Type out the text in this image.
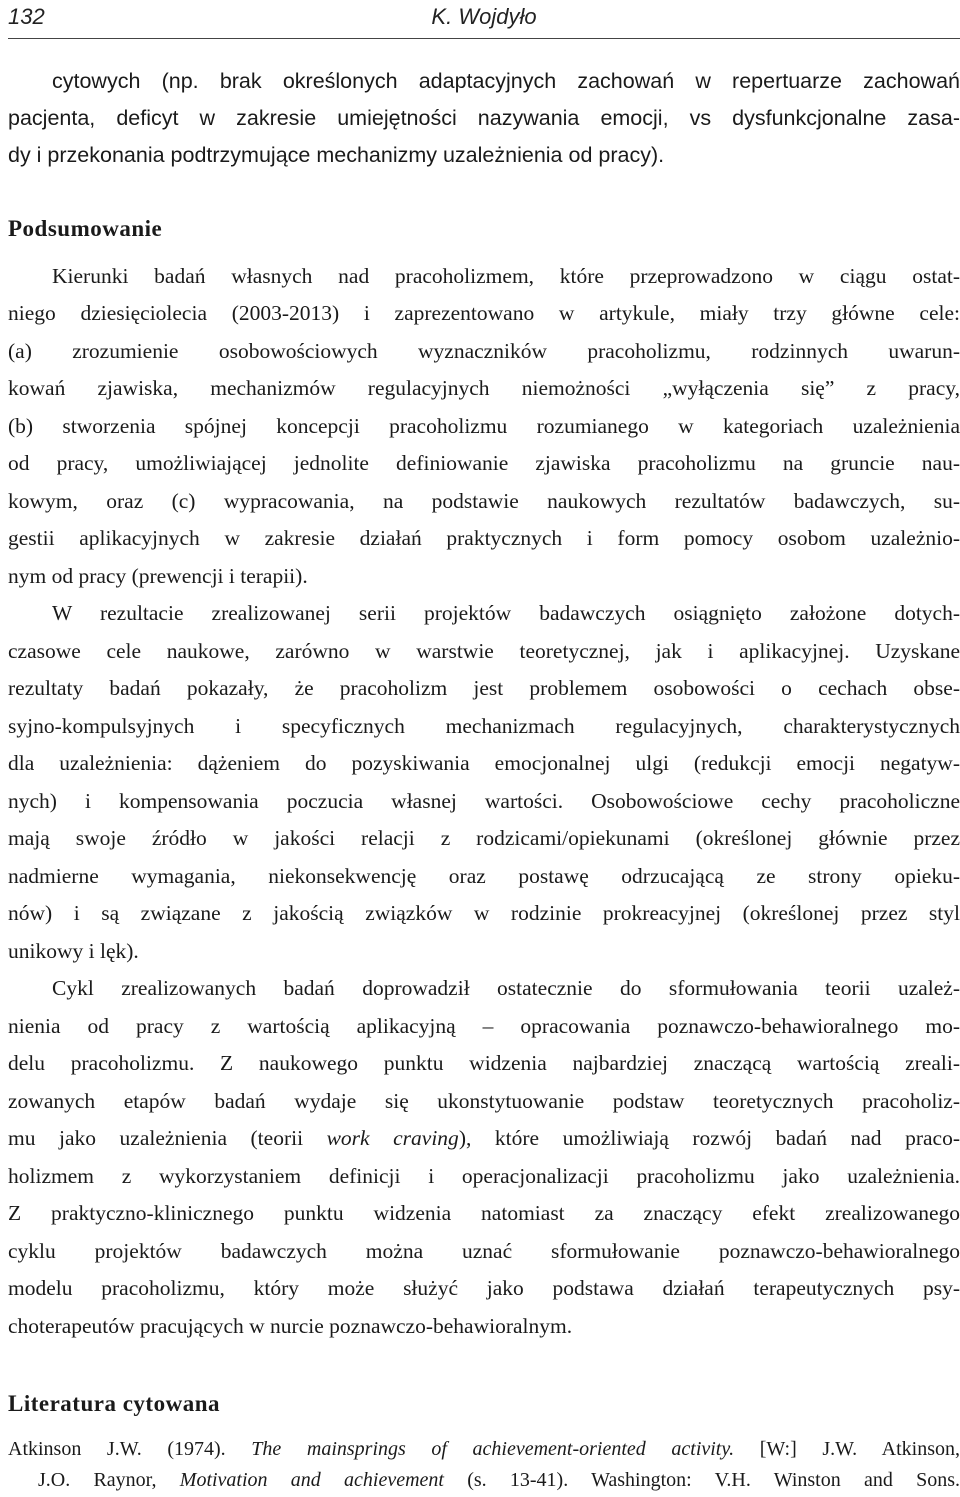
132	K. Wojdyło
cytowych (np. brak określonych adaptacyjnych zachowań w repertuarze zachowań
pacjenta, deficyt w zakresie umiejętności nazywania emocji, vs dysfunkcjonalne zasa-
dy i przekonania podtrzymujące mechanizmy uzależnienia od pracy).
Podsumowanie
Kierunki badań własnych nad pracoholizmem, które przeprowadzono w ciągu ostat-
niego dziesięciolecia (2003-2013) i zaprezentowano w artykule, miały trzy główne cele:
(a) zrozumienie osobowościowych wyznaczników pracoholizmu, rodzinnych uwarun-
kowań zjawiska, mechanizmów regulacyjnych niemożności „wyłączenia się” z pracy,
(b) stworzenia spójnej koncepcji pracoholizmu rozumianego w kategoriach uzależnienia
od pracy, umożliwiającej jednolite definiowanie zjawiska pracoholizmu na gruncie nau-
kowym, oraz (c) wypracowania, na podstawie naukowych rezultatów badawczych, su-
gestii aplikacyjnych w zakresie działań praktycznych i form pomocy osobom uzależnio-
nym od pracy (prewencji i terapii).
W rezultacie zrealizowanej serii projektów badawczych osiągnięto założone dotych-
czasowe cele naukowe, zarówno w warstwie teoretycznej, jak i aplikacyjnej. Uzyskane
rezultaty badań pokazały, że pracoholizm jest problemem osobowości o cechach obse-
syjno-kompulsyjnych i specyficznych mechanizmach regulacyjnych, charakterystycznych
dla uzależnienia: dążeniem do pozyskiwania emocjonalnej ulgi (redukcji emocji negatyw-
nych) i kompensowania poczucia własnej wartości. Osobowościowe cechy pracoholiczne
mają swoje źródło w jakości relacji z rodzicami/opiekunami (określonej głównie przez
nadmierne wymagania, niekonsekwencję oraz postawę odrzucającą ze strony opieku-
nów) i są związane z jakością związków w rodzinie prokreacyjnej (określonej przez styl
unikowy i lęk).
Cykl zrealizowanych badań doprowadził ostatecznie do sformułowania teorii uzależ-
nienia od pracy z wartością aplikacyjną – opracowania poznawczo-behawioralnego mo-
delu pracoholizmu. Z naukowego punktu widzenia najbardziej znaczącą wartością zreali-
zowanych etapów badań wydaje się ukonstytuowanie podstaw teoretycznych pracoholiz-
mu jako uzależnienia (teorii work craving), które umożliwiają rozwój badań nad praco-
holizmem z wykorzystaniem definicji i operacjonalizacji pracoholizmu jako uzależnienia.
Z praktyczno-klinicznego punktu widzenia natomiast za znaczący efekt zrealizowanego
cyklu projektów badawczych można uznać sformułowanie poznawczo-behawioralnego
modelu pracoholizmu, który może służyć jako podstawa działań terapeutycznych psy-
choterapeutów pracujących w nurcie poznawczo-behawioralnym.
Literatura cytowana
Atkinson J.W. (1974). The mainsprings of achievement-oriented activity. [W:] J.W. Atkinson,
J.O. Raynor, Motivation and achievement (s. 13-41). Washington: V.H. Winston and Sons.
